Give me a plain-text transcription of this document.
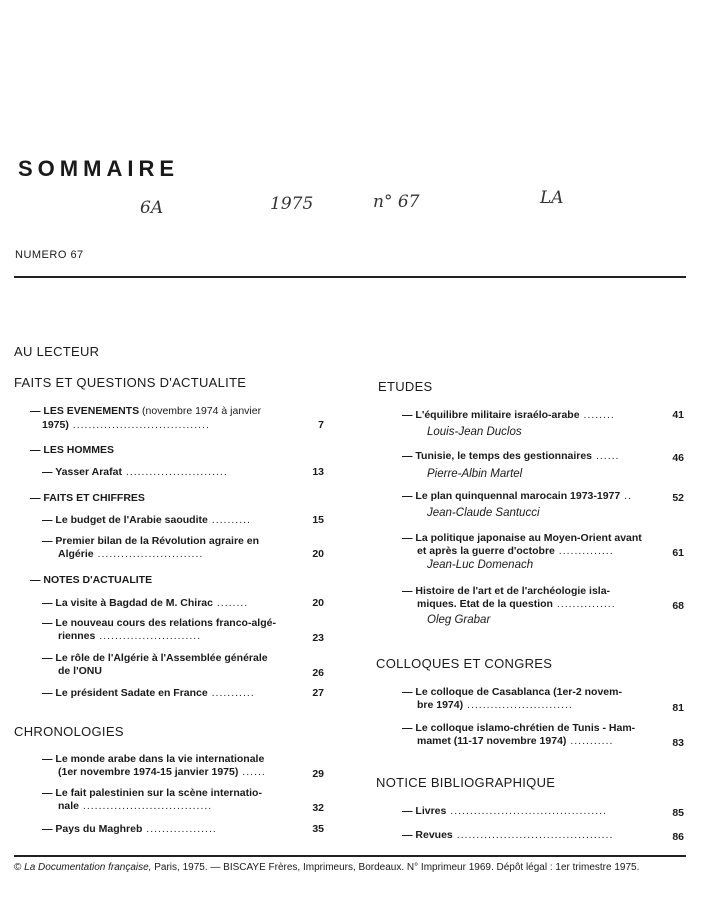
SOMMAIRE
6A	1975	n° 67	LA
NUMERO 67
AU LECTEUR
FAITS ET QUESTIONS D'ACTUALITE
— LES EVENEMENTS (novembre 1974 à janvier
1975) ...................................	7
— LES HOMMES
— Yasser Arafat ..........................	13
— FAITS ET CHIFFRES
— Le budget de l'Arabie saoudite ..........	15
— Premier bilan de la Révolution agraire en
Algérie ...........................	20
— NOTES D'ACTUALITE
— La visite à Bagdad de M. Chirac ........	20
— Le nouveau cours des relations franco-algé-
riennes ..........................	23
— Le rôle de l'Algérie à l'Assemblée générale
de l'ONU	26
— Le président Sadate en France ...........	27
CHRONOLOGIES
— Le monde arabe dans la vie internationale
(1er novembre 1974-15 janvier 1975) ......	29
— Le fait palestinien sur la scène internatio-
nale .................................	32
— Pays du Maghreb ..................	35
ETUDES
— L'équilibre militaire israélo-arabe ........	41
Louis-Jean Duclos
— Tunisie, le temps des gestionnaires ......	46
Pierre-Albin Martel
— Le plan quinquennal marocain 1973-1977 ..	52
Jean-Claude Santucci
— La politique japonaise au Moyen-Orient avant
et après la guerre d'octobre ..............	61
Jean-Luc Domenach
— Histoire de l'art et de l'archéologie isla-
miques. Etat de la question ...............	68
Oleg Grabar
COLLOQUES ET CONGRES
— Le colloque de Casablanca (1er-2 novem-
bre 1974) ...........................	81
— Le colloque islamo-chrétien de Tunis - Ham-
mamet (11-17 novembre 1974) ...........	83
NOTICE BIBLIOGRAPHIQUE
— Livres ........................................	85
— Revues ........................................	86
© La Documentation française, Paris, 1975. — BISCAYE Frères, Imprimeurs, Bordeaux. N° Imprimeur 1969. Dépôt légal : 1er trimestre 1975.
